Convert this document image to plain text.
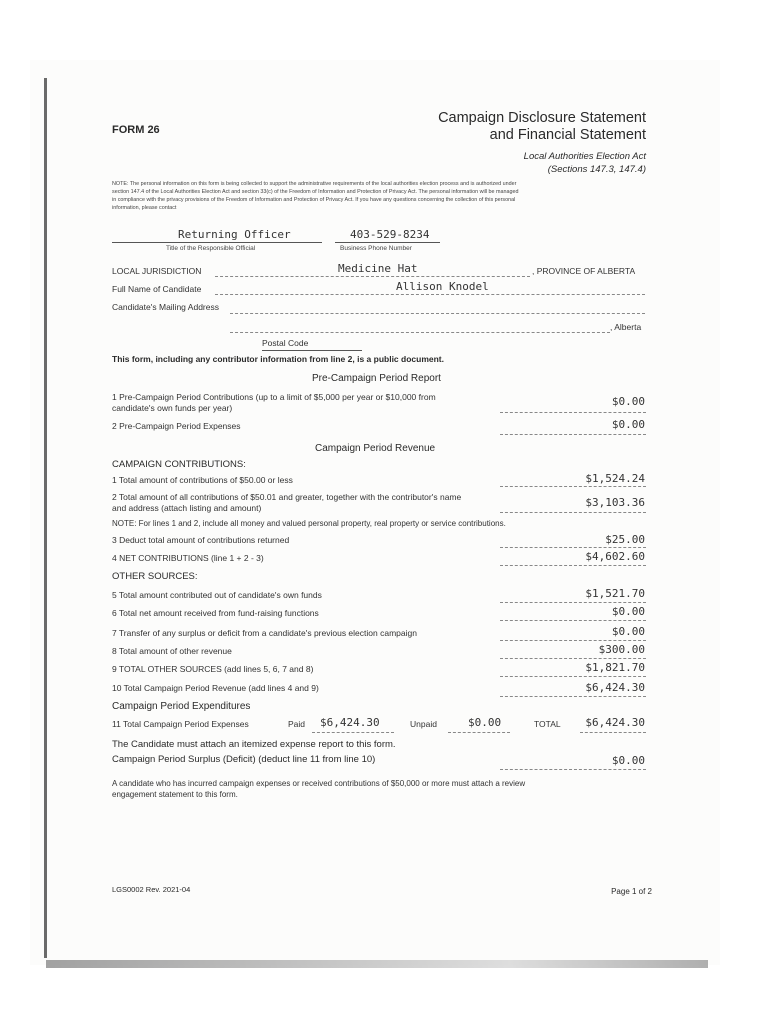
FORM 26
Campaign Disclosure Statement
and Financial Statement
Local Authorities Election Act
(Sections 147.3, 147.4)
NOTE: The personal information on this form is being collected to support the administrative requirements of the local authorities election process and is authorized under
section 147.4 of the Local Authorities Election Act and section 33(c) of the Freedom of Information and Protection of Privacy Act. The personal information will be managed
in compliance with the privacy provisions of the Freedom of Information and Protection of Privacy Act. If you have any questions concerning the collection of this personal
information, please contact
Returning Officer
Title of the Responsible Official
403-529-8234
Business Phone Number
LOCAL JURISDICTION	Medicine Hat	, PROVINCE OF ALBERTA
Full Name of Candidate	Allison Knodel
Candidate's Mailing Address
, Alberta
Postal Code
This form, including any contributor information from line 2, is a public document.
Pre-Campaign Period Report
1 Pre-Campaign Period Contributions (up to a limit of $5,000 per year or $10,000 from
candidate's own funds per year)	$0.00
2 Pre-Campaign Period Expenses	$0.00
Campaign Period Revenue
CAMPAIGN CONTRIBUTIONS:
1 Total amount of contributions of $50.00 or less	$1,524.24
2 Total amount of all contributions of $50.01 and greater, together with the contributor's name
and address (attach listing and amount)	$3,103.36
NOTE: For lines 1 and 2, include all money and valued personal property, real property or service contributions.
3 Deduct total amount of contributions returned	$25.00
4 NET CONTRIBUTIONS (line 1 + 2 - 3)	$4,602.60
OTHER SOURCES:
5 Total amount contributed out of candidate's own funds	$1,521.70
6 Total net amount received from fund-raising functions	$0.00
7 Transfer of any surplus or deficit from a candidate's previous election campaign	$0.00
8 Total amount of other revenue	$300.00
9 TOTAL OTHER SOURCES (add lines 5, 6, 7 and 8)	$1,821.70
10 Total Campaign Period Revenue (add lines 4 and 9)	$6,424.30
Campaign Period Expenditures
11 Total Campaign Period Expenses	Paid $6,424.30	Unpaid	$0.00	TOTAL $6,424.30
The Candidate must attach an itemized expense report to this form.
Campaign Period Surplus (Deficit) (deduct line 11 from line 10)	$0.00
A candidate who has incurred campaign expenses or received contributions of $50,000 or more must attach a review
engagement statement to this form.
LGS0002 Rev. 2021-04	Page 1 of 2
